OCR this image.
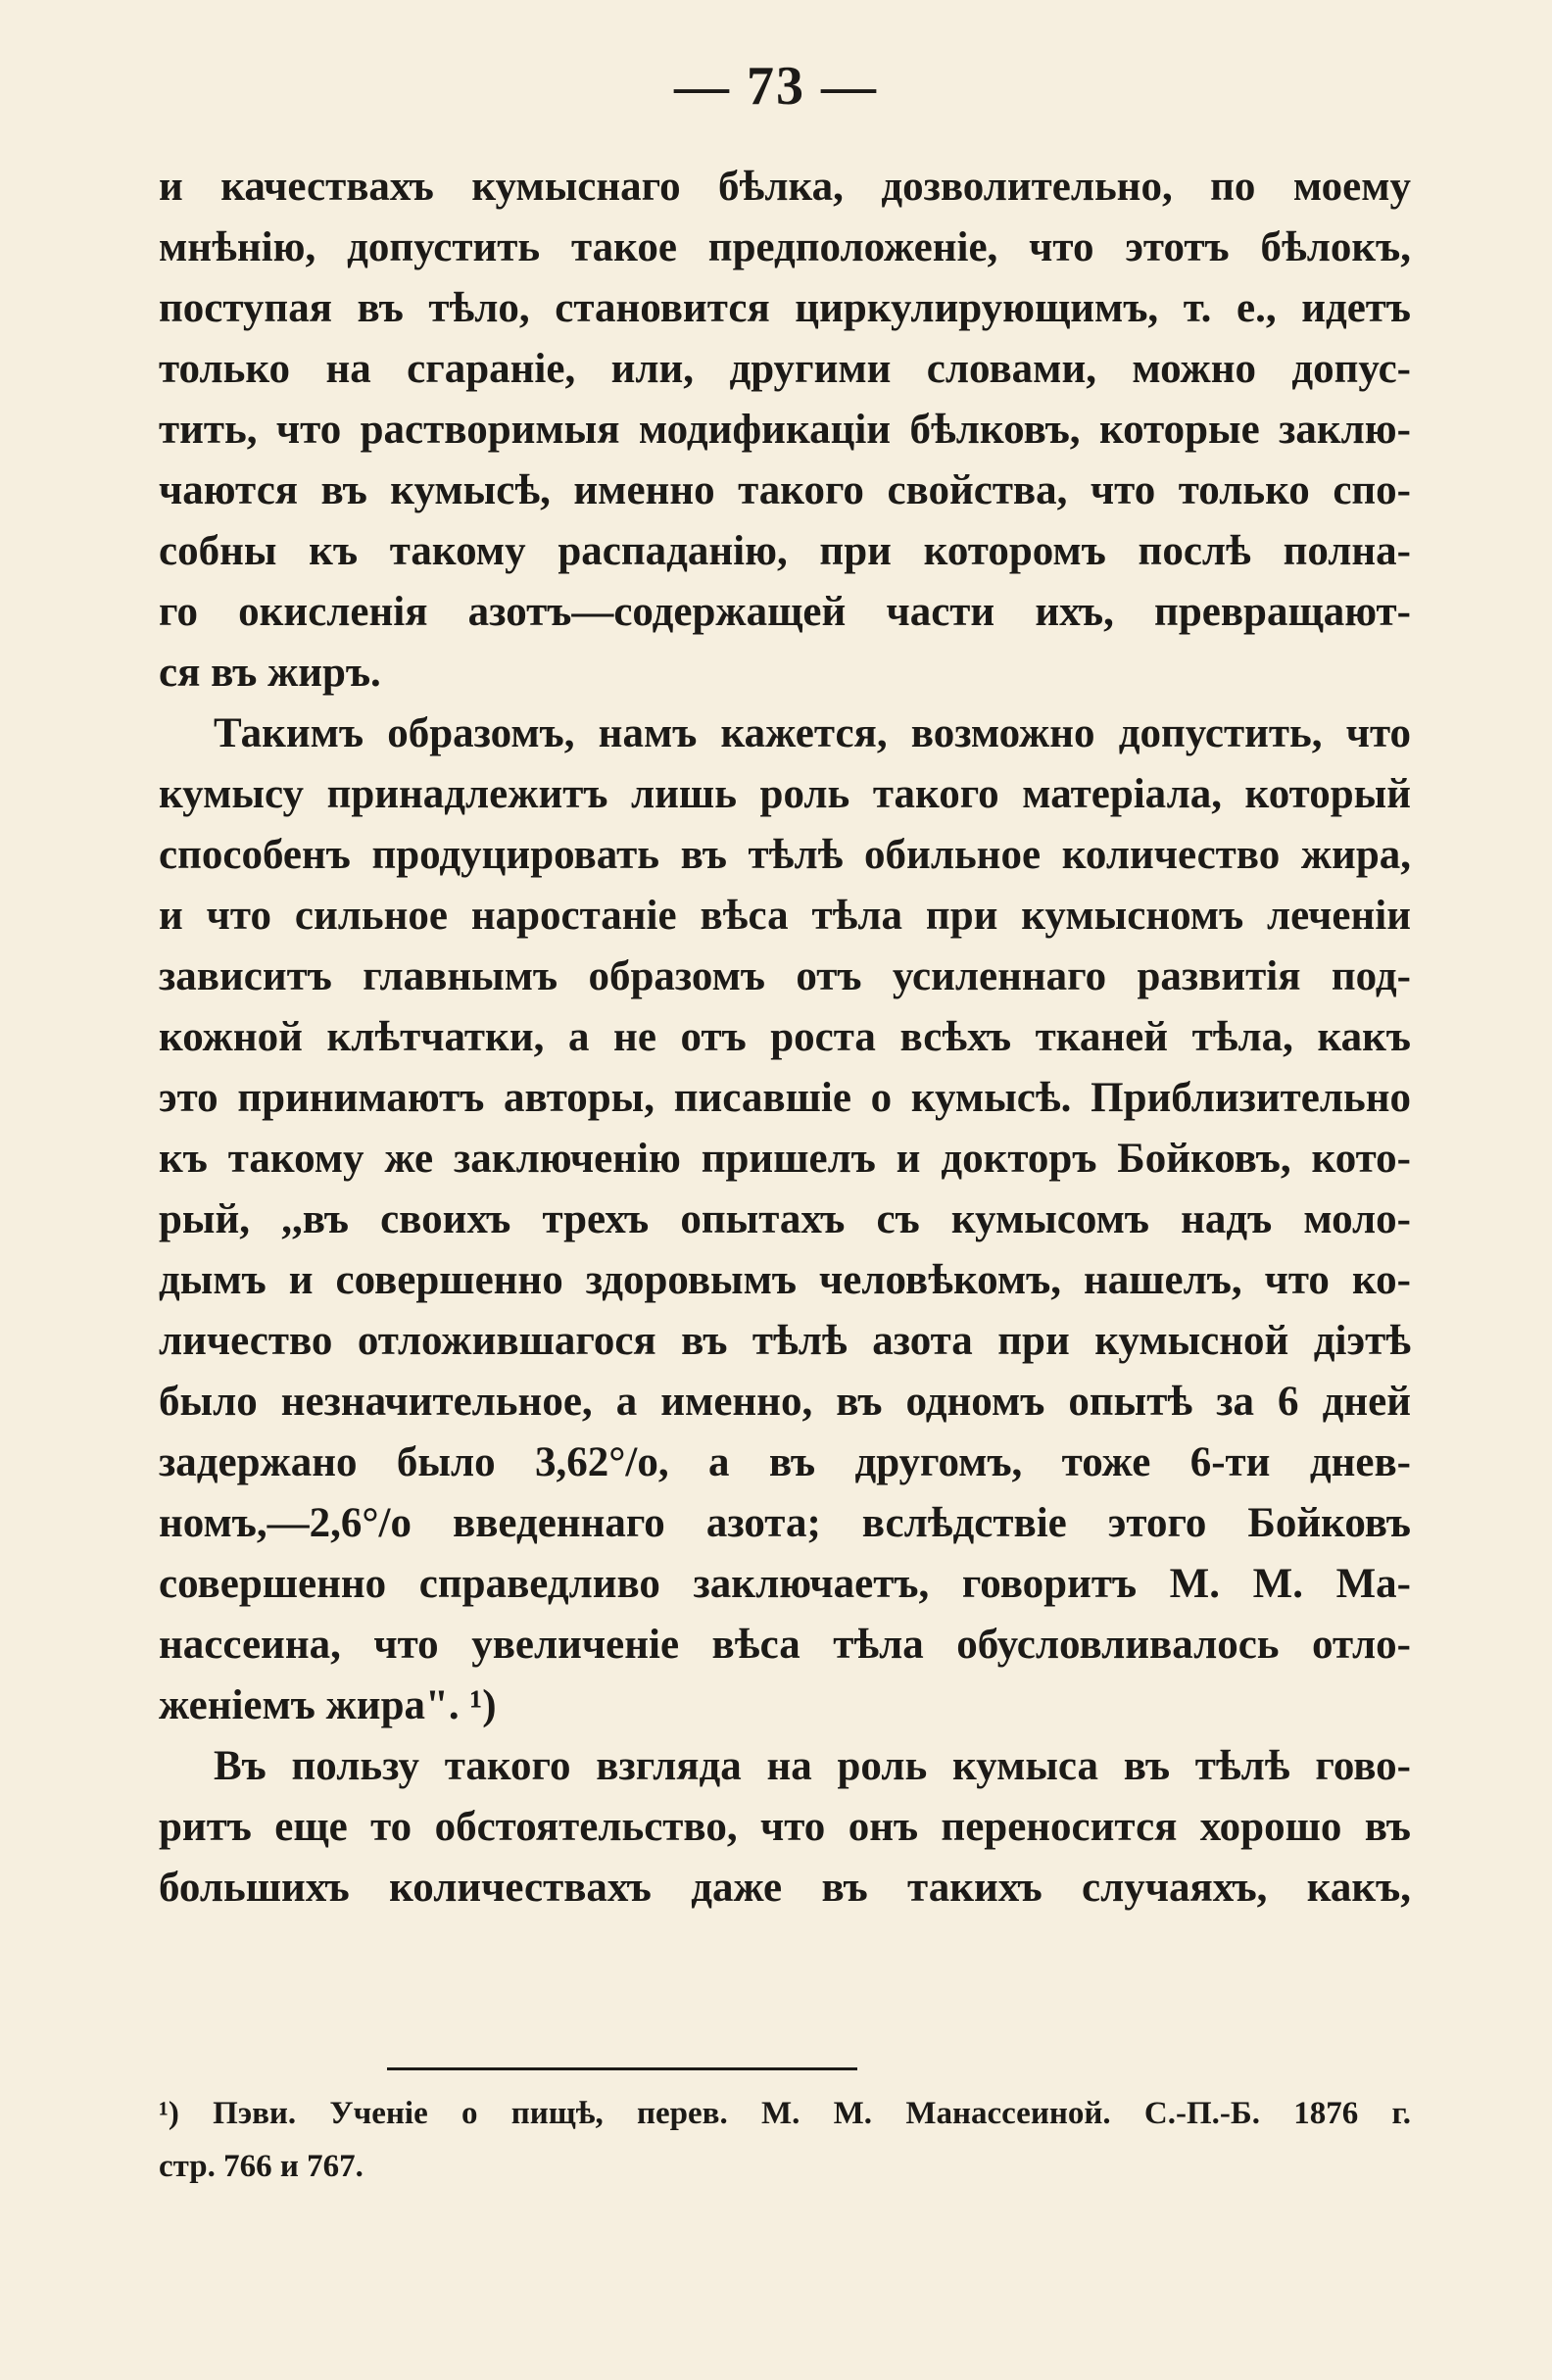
— 73 —
и качествахъ кумыснаго бѣлка, дозволительно, по моему
мнѣнію, допустить такое предположеніе, что этотъ бѣлокъ,
поступая въ тѣло, становится циркулирующимъ, т. е., идетъ
только на сгараніе, или, другими словами, можно допус-
тить, что растворимыя модификаціи бѣлковъ, которые заклю-
чаются въ кумысѣ, именно такого свойства, что только спо-
собны къ такому распаданію, при которомъ послѣ полна-
го окисленія азотъ—содержащей части ихъ, превращают-
ся въ жиръ.
Такимъ образомъ, намъ кажется, возможно допустить, что
кумысу принадлежитъ лишь роль такого матеріала, который
способенъ продуцировать въ тѣлѣ обильное количество жира,
и что сильное наростаніе вѣса тѣла при кумысномъ леченіи
зависитъ главнымъ образомъ отъ усиленнаго развитія под-
кожной клѣтчатки, а не отъ роста всѣхъ тканей тѣла, какъ
это принимаютъ авторы, писавшіе о кумысѣ. Приблизительно
къ такому же заключенію пришелъ и докторъ Бойковъ, кото-
рый, ,,въ своихъ трехъ опытахъ съ кумысомъ надъ моло-
дымъ и совершенно здоровымъ человѣкомъ, нашелъ, что ко-
личество отложившагося въ тѣлѣ азота при кумысной діэтѣ
было незначительное, а именно, въ одномъ опытѣ за 6 дней
задержано было 3,62°/o, а въ другомъ, тоже 6-ти днев-
номъ,—2,6°/o введеннаго азота; вслѣдствіе этого Бойковъ
совершенно справедливо заключаетъ, говоритъ М. М. Ма-
нассеина, что увеличеніе вѣса тѣла обусловливалось отло-
женіемъ жира". ¹)
Въ пользу такого взгляда на роль кумыса въ тѣлѣ гово-
ритъ еще то обстоятельство, что онъ переносится хорошо въ
большихъ количествахъ даже въ такихъ случаяхъ, какъ,
¹) Пэви. Ученіе о пищѣ, перев. М. М. Манассеиной. С.-П.-Б. 1876 г.
стр. 766 и 767.
